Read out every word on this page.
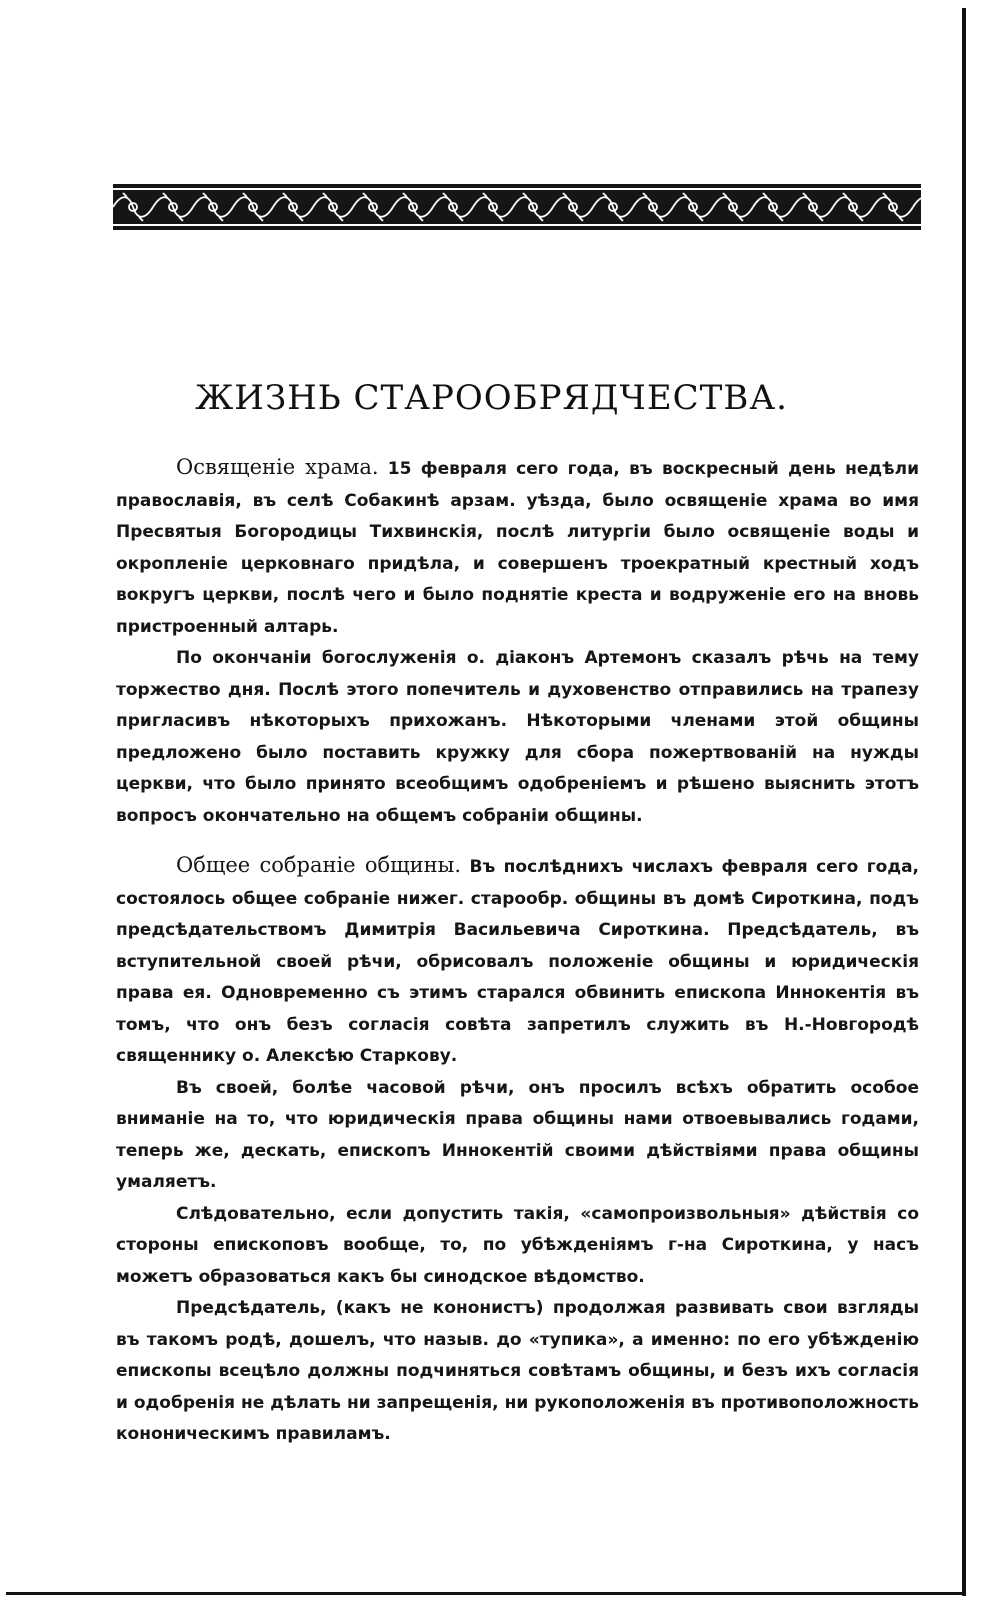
ЖИЗНЬ СТАРООБРЯДЧЕСТВА.

Освященіе храма. 15 февраля сего года, въ воскресный день недѣли православія, въ селѣ Собакинѣ арзам. уѣзда, было освященіе храма во имя Пресвятыя Богородицы Тихвинскія, послѣ литургіи было освященіе воды и окропленіе церковнаго придѣла, и совершенъ троекратный крестный ходъ вокругъ церкви, послѣ чего и было поднятіе креста и водруженіе его на вновь пристроенный алтарь.

По окончаніи богослуженія о. діаконъ Артемонъ сказалъ рѣчь на тему торжество дня. Послѣ этого попечитель и духовенство отправились на трапезу пригласивъ нѣкоторыхъ прихожанъ. Нѣкоторыми членами этой общины предложено было поставить кружку для сбора пожертвованій на нужды церкви, что было принято всеобщимъ одобреніемъ и рѣшено выяснить этотъ вопросъ окончательно на общемъ собраніи общины.

Общее собраніе общины. Въ послѣднихъ числахъ февраля сего года, состоялось общее собраніе нижег. старообр. общины въ домѣ Сироткина, подъ предсѣдательствомъ Димитрія Васильевича Сироткина. Предсѣдатель, въ вступительной своей рѣчи, обрисовалъ положеніе общины и юридическія права ея. Одновременно съ этимъ старался обвинить епископа Иннокентія въ томъ, что онъ безъ согласія совѣта запретилъ служить въ Н.-Новгородѣ священнику о. Алексѣю Старкову.

Въ своей, болѣе часовой рѣчи, онъ просилъ всѣхъ обратить особое вниманіе на то, что юридическія права общины нами отвоевывались годами, теперь же, дескать, епископъ Иннокентій своими дѣйствіями права общины умаляетъ.

Слѣдовательно, если допустить такія, «самопроизвольныя» дѣйствія со стороны епископовъ вообще, то, по убѣжденіямъ г-на Сироткина, у насъ можетъ образоваться какъ бы синодское вѣдомство.

Предсѣдатель, (какъ не кононистъ) продолжая развивать свои взгляды въ такомъ родѣ, дошелъ, что назыв. до «тупика», а именно: по его убѣжденію епископы всецѣло должны подчиняться совѣтамъ общины, и безъ ихъ согласія и одобренія не дѣлать ни запрещенія, ни рукоположенія въ противоположность кононическимъ правиламъ.
